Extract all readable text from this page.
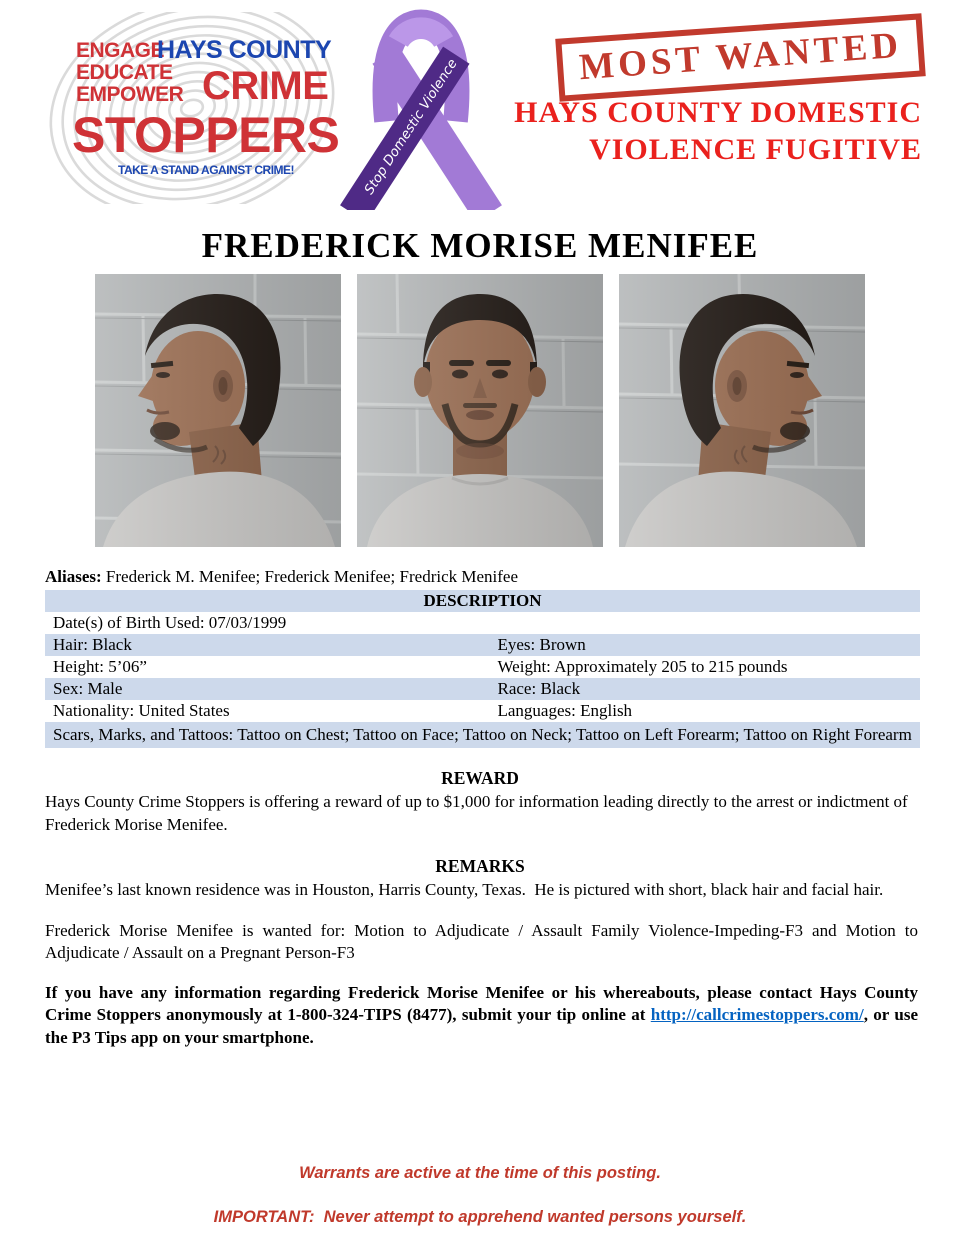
ENGAGE
EDUCATE
EMPOWER
HAYS COUNTY
CRIME
STOPPERS
TAKE A STAND AGAINST CRIME!	Stop Domestic Violence
MOST WANTED
HAYS COUNTY DOMESTIC
VIOLENCE FUGITIVE
FREDERICK MORISE MENIFEE

Aliases: Frederick M. Menifee; Frederick Menifee; Fredrick Menifee

DESCRIPTION
Date(s) of Birth Used: 07/03/1999
Hair: Black	Eyes: Brown
Height: 5’06”	Weight: Approximately 205 to 215 pounds
Sex: Male	Race: Black
Nationality: United States	Languages: English
Scars, Marks, and Tattoos: Tattoo on Chest; Tattoo on Face; Tattoo on Neck; Tattoo on Left Forearm; Tattoo on Right Forearm
REWARD

Hays County Crime Stoppers is offering a reward of up to $1,000 for information leading directly to the arrest or indictment of Frederick Morise Menifee.

REMARKS

Menifee’s last known residence was in Houston, Harris County, Texas.  He is pictured with short, black hair and facial hair.

Frederick Morise Menifee is wanted for: Motion to Adjudicate / Assault Family Violence-Impeding-F3 and Motion to Adjudicate / Assault on a Pregnant Person-F3

If you have any information regarding Frederick Morise Menifee or his whereabouts, please contact Hays County Crime Stoppers anonymously at 1-800-324-TIPS (8477), submit your tip online at http://callcrimestoppers.com/, or use the P3 Tips app on your smartphone.

Warrants are active at the time of this posting.
IMPORTANT:  Never attempt to apprehend wanted persons yourself.
